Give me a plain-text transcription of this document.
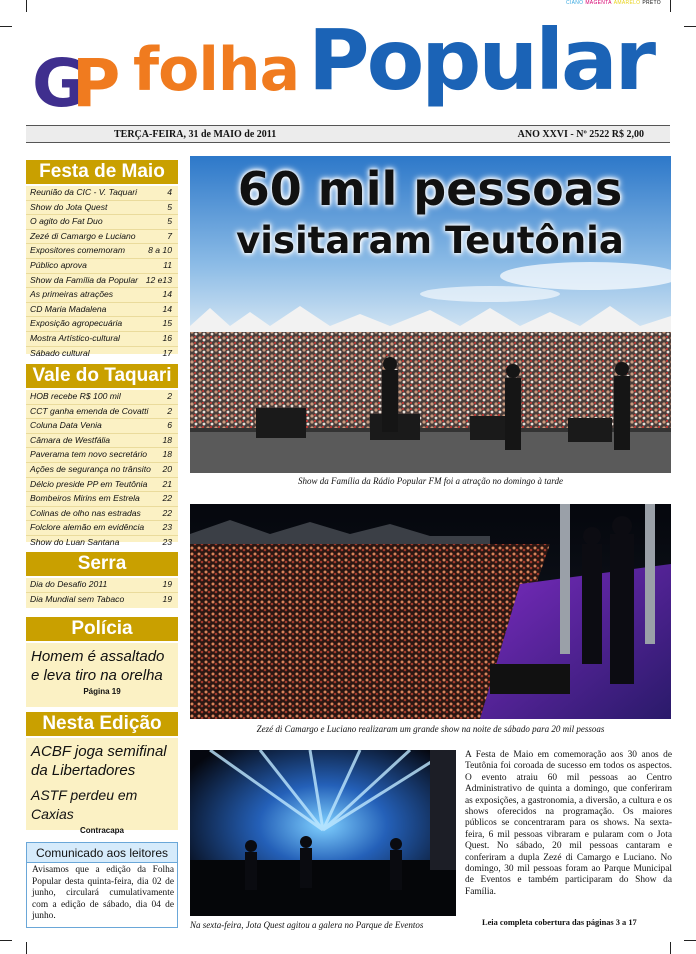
CIANO MAGENTA AMARELO PRETO
G
P folha Popular
TERÇA-FEIRA, 31 de MAIO de 2011	ANO XXVI - Nº 2522 R$ 2,00
Festa de Maio
Reunião da CIC - V. Taquari	4
Show do Jota Quest	5
O agito do Fat Duo	5
Zezé di Camargo e Luciano	7
Expositores comemoram	8 a 10
Público aprova	11
Show da Família da Popular 12 e13
As primeiras atrações	14
CD Maria Madalena	14
Exposição agropecuária	15
Mostra Artístico-cultural	16
Sábado cultural	17
Vale do Taquari
HOB recebe R$ 100 mil	2
CCT ganha emenda de Covatti 2
Coluna Data Venia	6
Câmara de Westfália	18
Paverama tem novo secretário 18
Ações de segurança no trânsito 20
Délcio preside PP em Teutônia 21
Bombeiros Mirins em Estrela	22
Colinas de olho nas estradas	22
Folclore alemão em evidência 23
Show do Luan Santana	23
Serra
Dia do Desafio 2011	19
Dia Mundial sem Tabaco	19
Polícia
Homem é assaltado e leva tiro na orelha
Página 19
Nesta Edição
ACBF joga semifinal da Libertadores
ASTF perdeu em Caxias
Contracapa
Comunicado aos leitores
Avisamos que a edição da Folha Popular desta quinta-feira, dia 02 de junho, circulará cumulativamente com a edição de sábado, dia 04 de junho.
60 mil pessoas
visitaram Teutônia
Show da Família da Rádio Popular FM foi a atração no domingo à tarde
Zezé di Camargo e Luciano realizaram um grande show na noite de sábado para 20 mil pessoas
Na sexta-feira, Jota Quest agitou a galera no Parque de Eventos
A Festa de Maio em comemoração aos 30 anos de Teutônia foi coroada de sucesso em todos os aspectos. O evento atraiu 60 mil pessoas ao Centro Administrativo de quinta a domingo, que conferiram as exposições, a gastronomia, a diversão, a cultura e os shows oferecidos na programação. Os maiores públicos se concentraram para os shows. Na sexta-feira, 6 mil pessoas vibraram e pularam com o Jota Quest. No sábado, 20 mil pessoas cantaram e conferiram a dupla Zezé di Camargo e Luciano. No domingo, 30 mil pessoas foram ao Parque Municipal de Eventos e também participaram do Show da Família.
Leia completa cobertura das páginas 3 a 17
